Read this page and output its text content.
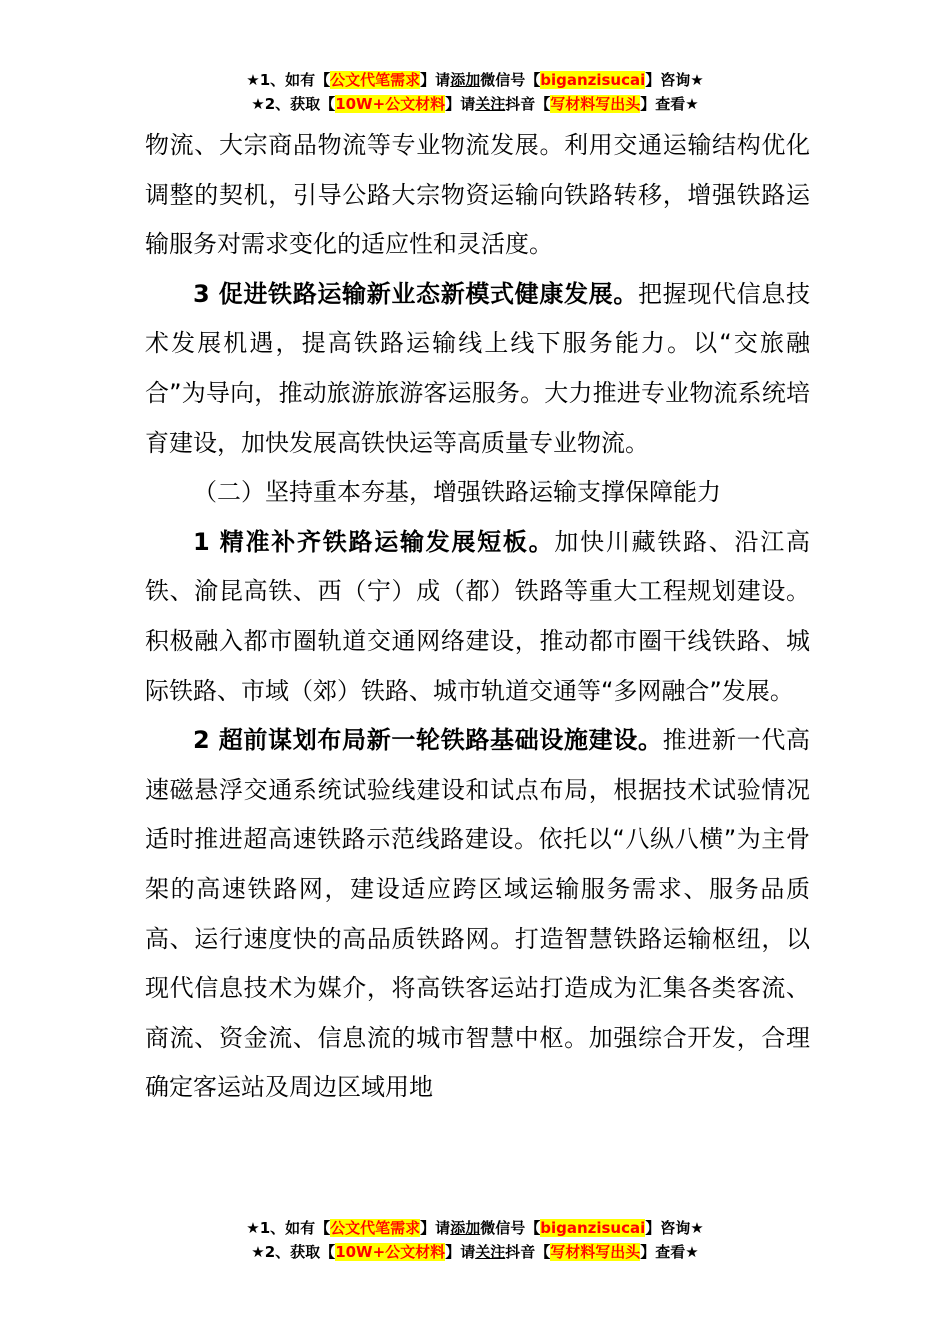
★1、如有【公文代笔需求】请添加微信号【biganzisucai】咨询★
★2、获取【10W+公文材料】请关注抖音【写材料写出头】查看★

物流、大宗商品物流等专业物流发展。利用交通运输结构优化调整的契机，引导公路大宗物资运输向铁路转移，增强铁路运输服务对需求变化的适应性和灵活度。

3 促进铁路运输新业态新模式健康发展。把握现代信息技术发展机遇，提高铁路运输线上线下服务能力。以“交旅融合”为导向，推动旅游旅游客运服务。大力推进专业物流系统培育建设，加快发展高铁快运等高质量专业物流。

（二）坚持重本夯基，增强铁路运输支撑保障能力

1 精准补齐铁路运输发展短板。加快川藏铁路、沿江高铁、渝昆高铁、西（宁）成（都）铁路等重大工程规划建设。积极融入都市圈轨道交通网络建设，推动都市圈干线铁路、城际铁路、市域（郊）铁路、城市轨道交通等“多网融合”发展。

2 超前谋划布局新一轮铁路基础设施建设。推进新一代高速磁悬浮交通系统试验线建设和试点布局，根据技术试验情况适时推进超高速铁路示范线路建设。依托以“八纵八横”为主骨架的高速铁路网，建设适应跨区域运输服务需求、服务品质高、运行速度快的高品质铁路网。打造智慧铁路运输枢纽，以现代信息技术为媒介，将高铁客运站打造成为汇集各类客流、商流、资金流、信息流的城市智慧中枢。加强综合开发，合理确定客运站及周边区域用地

★1、如有【公文代笔需求】请添加微信号【biganzisucai】咨询★
★2、获取【10W+公文材料】请关注抖音【写材料写出头】查看★
